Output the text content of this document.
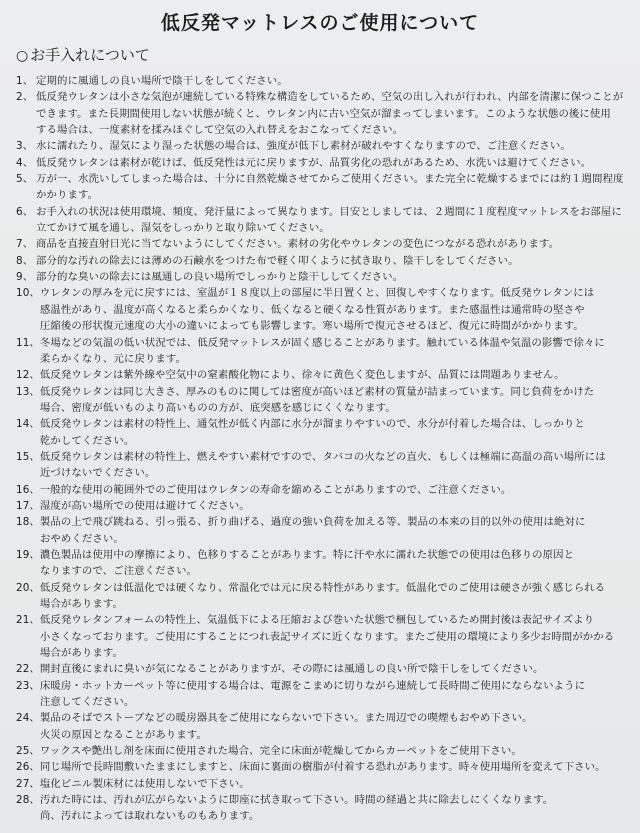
低反発マットレスのご使用について
○ お手入れについて
1、 定期的に風通しの良い場所で陰干しをしてください。
2、 低反発ウレタンは小さな気泡が連続している特殊な構造をしているため、空気の出し入れが行われ、内部を清潔に保つことが
できます。また長期間使用しない状態が続くと、ウレタン内に古い空気が溜まってしまいます。このような状態の後に使用
する場合は、一度素材を揉みほぐして空気の入れ替えをおこなってください。
3、 水に濡れたり、湿気により湿った状態の場合は、強度が低下し素材が破れやすくなりますので、ご注意ください。
4、 低反発ウレタンは素材が乾けば、低反発性は元に戻りますが、品質劣化の恐れがあるため、水洗いは避けてください。
5、 万が一、水洗いしてしまった場合は、十分に自然乾燥させてからご使用ください。また完全に乾燥するまでには約１週間程度
かかります。
6、 お手入れの状況は使用環境、頻度、発汗量によって異なります。目安としましては、２週間に１度程度マットレスをお部屋に
立てかけて風を通し、湿気をしっかりと取り除いてください。
7、 商品を直接直射日光に当てないようにしてください。素材の劣化やウレタンの変色につながる恐れがあります。
8、 部分的な汚れの除去には薄めの石鹸水をつけた布で軽く叩くように拭き取り、陰干しをしてください。
9、 部分的な臭いの除去には風通しの良い場所でしっかりと陰干ししてください。
10、 ウレタンの厚みを元に戻すには、室温が１８度以上の部屋に半日置くと、回復しやすくなります。低反発ウレタンには
感温性があり、温度が高くなると柔らかくなり、低くなると硬くなる性質があります。また感温性は通常時の堅さや
圧縮後の形状復元速度の大小の違いによっても影響します。寒い場所で復元させるほど、復元に時間がかかります。
11、 冬場などの気温の低い状況では、低反発マットレスが固く感じることがあります。触れている体温や気温の影響で徐々に
柔らかくなり、元に戻ります。
12、 低反発ウレタンは紫外線や空気中の窒素酸化物により、徐々に黄色く変色しますが、品質には問題ありません。
13、 低反発ウレタンは同じ大きさ、厚みのものに関しては密度が高いほど素材の質量が詰まっています。同じ負荷をかけた
場合、密度が低いものより高いものの方が、底突感を感じにくくなります。
14、 低反発ウレタンは素材の特性上、通気性が低く内部に水分が溜まりやすいので、水分が付着した場合は、しっかりと
乾かしてください。
15、 低反発ウレタンは素材の特性上、燃えやすい素材ですので、タバコの火などの直火、もしくは極端に高温の高い場所には
近づけないでください。
16、 一般的な使用の範囲外でのご使用はウレタンの寿命を縮めることがありますので、ご注意ください。
17、 湿度が高い場所での使用は避けてください。
18、 製品の上で飛び跳ねる、引っ張る、折り曲げる、過度の強い負荷を加える等、製品の本来の目的以外の使用は絶対に
おやめください。
19、 濃色製品は使用中の摩擦により、色移りすることがあります。特に汗や水に濡れた状態での使用は色移りの原因と
なりますので、ご注意ください。
20、 低反発ウレタンは低温化では硬くなり、常温化では元に戻る特性があります。低温化でのご使用は硬さが強く感じられる
場合があります。
21、 低反発ウレタンフォームの特性上、気温低下による圧縮および巻いた状態で梱包しているため開封後は表記サイズより
小さくなっております。ご使用にすることにつれ表記サイズに近くなります。またご使用の環境により多少お時間がかかる
場合があります。
22、 開封直後にまれに臭いが気になることがありますが、その際には風通しの良い所で陰干しをしてください。
23、 床暖房・ホットカーペット等に使用する場合は、電源をこまめに切りながら連続して長時間ご使用にならないように
注意してください。
24、 製品のそばでストーブなどの暖房器具をご使用にならないで下さい。また周辺での喫煙もおやめ下さい。
火災の原因となることがあります。
25、 ワックスや艶出し剤を床面に使用された場合、完全に床面が乾燥してからカーペットをご使用下さい。
26、 同じ場所で長時間敷いたままにしますと、床面に裏面の樹脂が付着する恐れがあります。時々使用場所を変えて下さい。
27、 塩化ビニル製床材には使用しないで下さい。
28、 汚れた時には、汚れが広がらないように即座に拭き取って下さい。時間の経過と共に除去しにくくなります。
尚、汚れによっては取れないものもあります。
